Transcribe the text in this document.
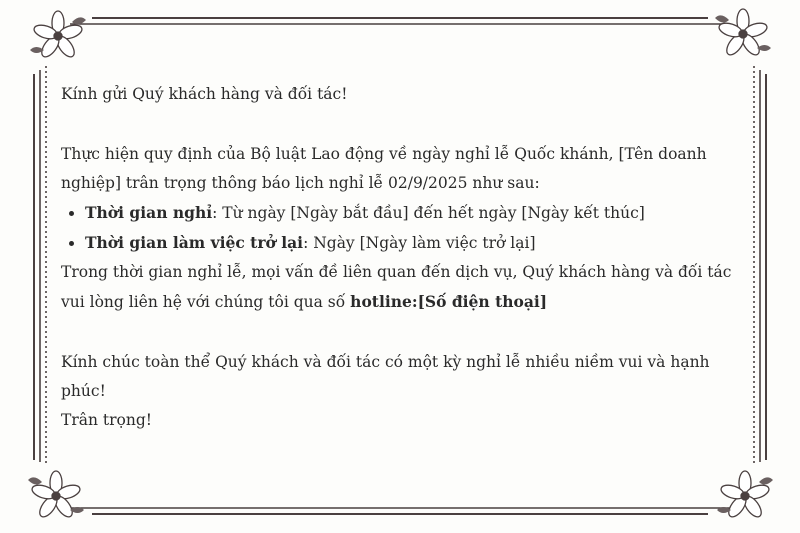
Kính gửi Quý khách hàng và đối tác!

Thực hiện quy định của Bộ luật Lao động về ngày nghỉ lễ Quốc khánh, [Tên doanh nghiệp] trân trọng thông báo lịch nghỉ lễ 02/9/2025 như sau:

• Thời gian nghỉ: Từ ngày [Ngày bắt đầu] đến hết ngày [Ngày kết thúc]
• Thời gian làm việc trở lại: Ngày [Ngày làm việc trở lại]

Trong thời gian nghỉ lễ, mọi vấn đề liên quan đến dịch vụ, Quý khách hàng và đối tác vui lòng liên hệ với chúng tôi qua số hotline:[Số điện thoại]

Kính chúc toàn thể Quý khách và đối tác có một kỳ nghỉ lễ nhiều niềm vui và hạnh phúc!

Trân trọng!
